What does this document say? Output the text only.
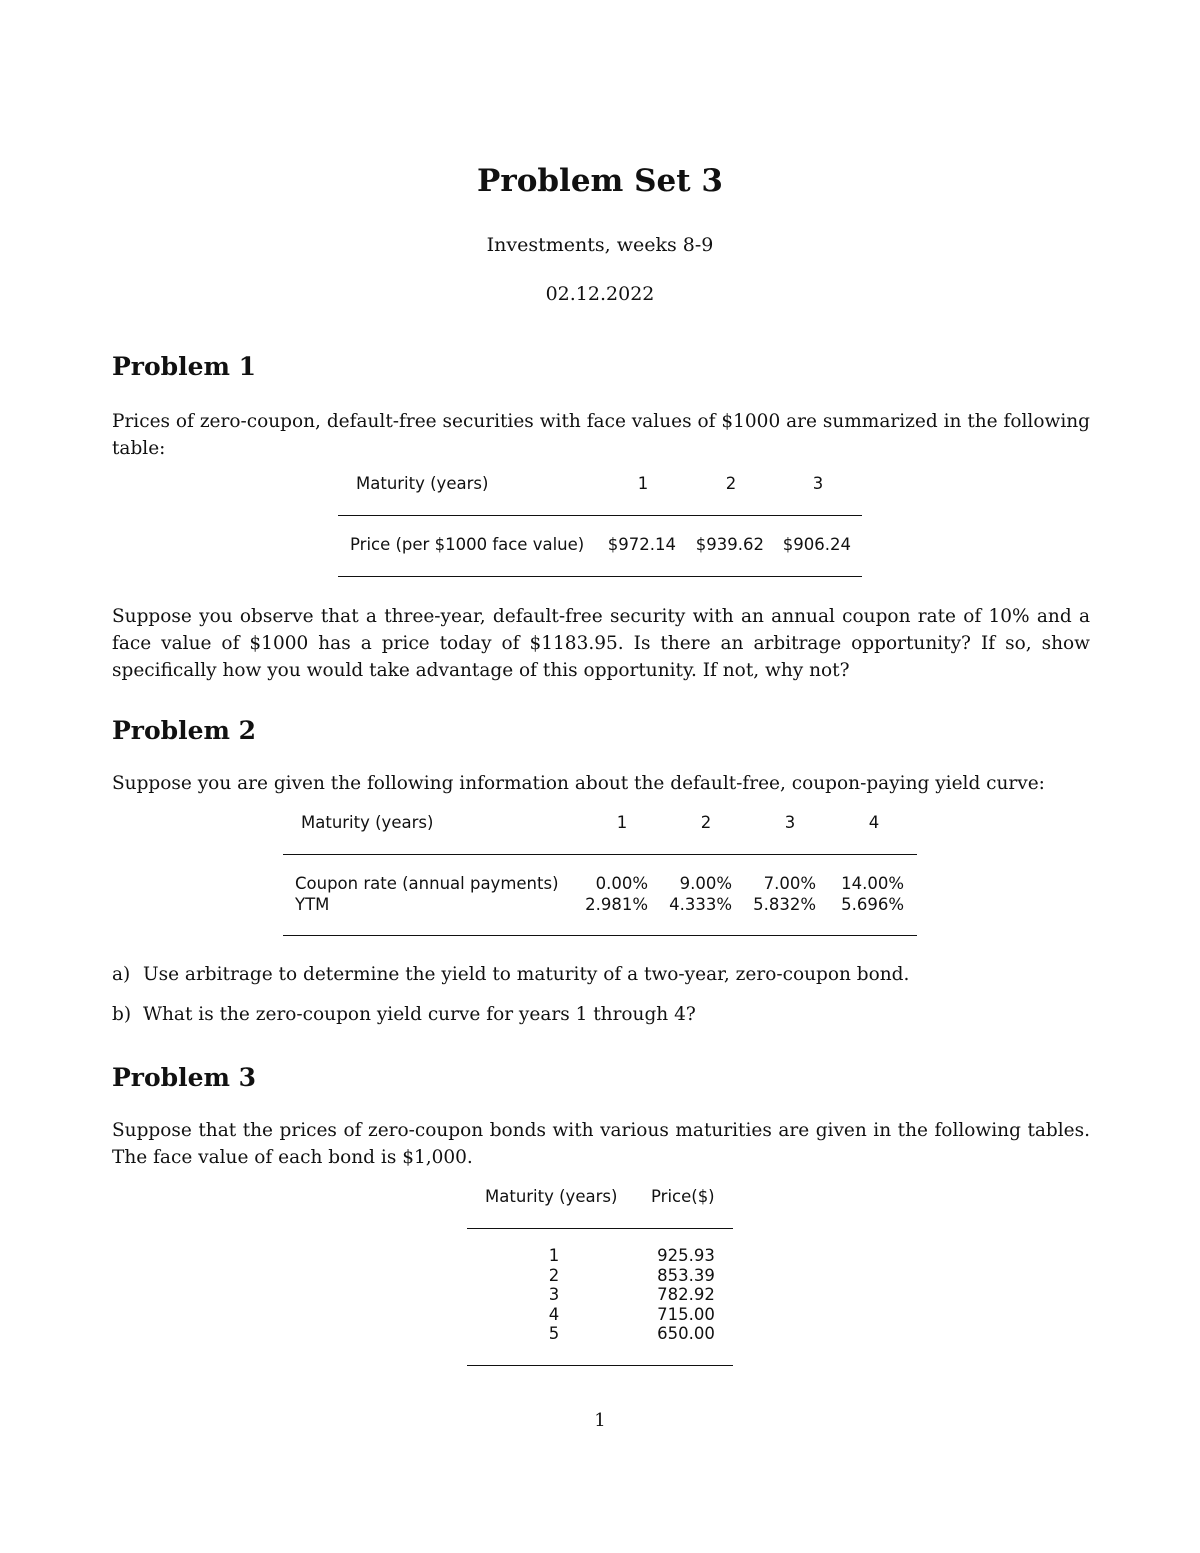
Problem Set 3
Investments, weeks 8-9
02.12.2022
Problem 1

Prices of zero-coupon, default-free securities with face values of $1000 are summarized in the following table:

Maturity (years)	1	2	3
Price (per $1000 face value)	$972.14	$939.62	$906.24

Suppose you observe that a three-year, default-free security with an annual coupon rate of 10% and a face value of $1000 has a price today of $1183.95. Is there an arbitrage opportunity? If so, show specifically how you would take advantage of this opportunity. If not, why not?

Problem 2

Suppose you are given the following information about the default-free, coupon-paying yield curve:

Maturity (years)	1	2	3	4
Coupon rate (annual payments)	0.00%	9.00%	7.00%	14.00%
YTM	2.981%	4.333%	5.832%	5.696%
a) Use arbitrage to determine the yield to maturity of a two-year, zero-coupon bond.
b) What is the zero-coupon yield curve for years 1 through 4?
Problem 3

Suppose that the prices of zero-coupon bonds with various maturities are given in the following tables. The face value of each bond is $1,000.

Maturity (years) Price($)
1	925.93
2	853.39
3	782.92
4	715.00
5	650.00
1
